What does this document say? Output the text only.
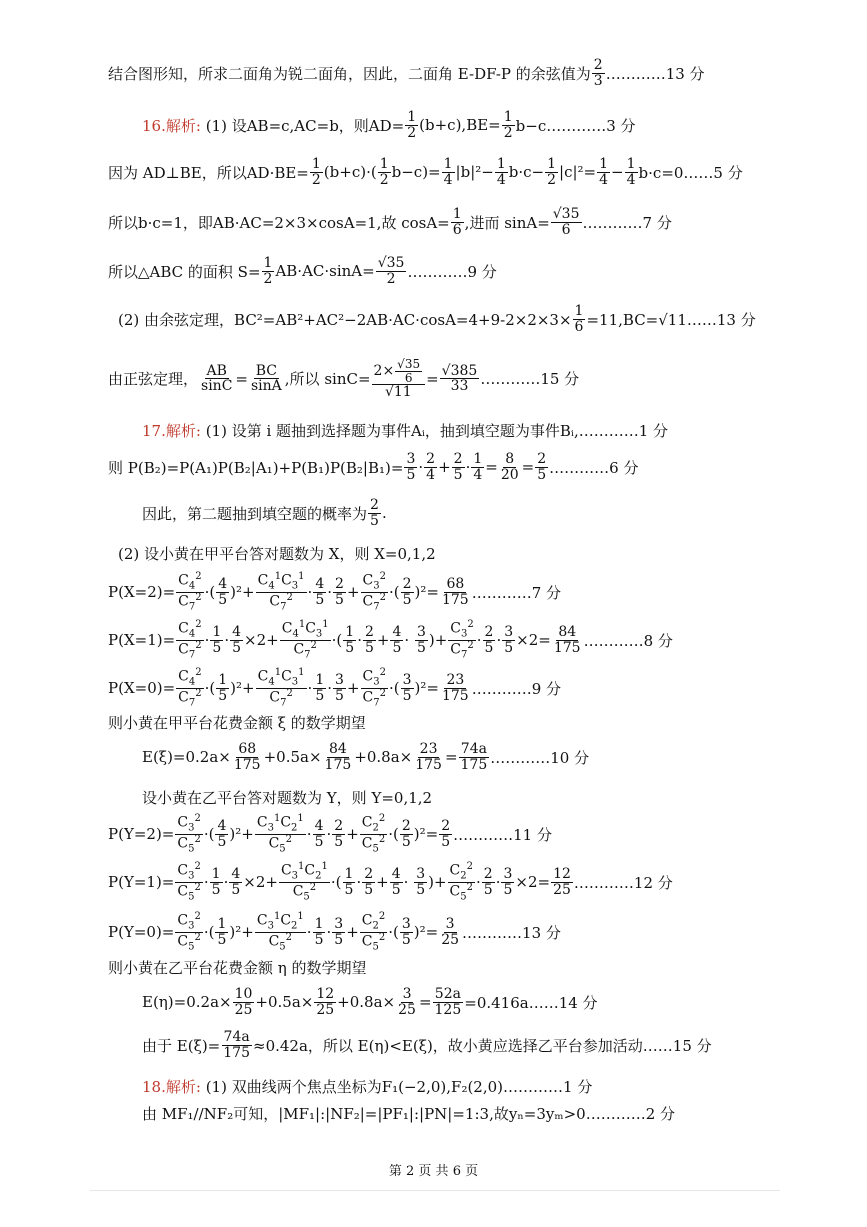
结合图形知，所求二面角为锐二面角，因此，二面角 E-DF-P 的余弦值为 $\frac{2}{3}$ …………13 分
16.解析:
(1) 设AB=c,AC=b，则$AD= \frac{1}{2} (b+c),BE= \frac{1}{2}$ b−c…………3 分
因为 AD⊥BE，所以$AD\cdot BE= \frac{1}{2} (b+c)\cdot( \frac{1}{2} b-c)= \frac{1}{4} |b|^2- \frac{1}{4} b\cdot c- \frac{1}{2} |c|^2= \frac{1}{4} - \frac{1}{4}$ b·c=0……5 分
所以b·c=1，即AB·AC=2×3×cosA=1,故 $\cos A= \frac{1}{6}$ ,进而 $\sin A= \frac{√35}{6}$ …………7 分
所以△ABC 的面积 $S= \frac{1}{2} AB\cdot AC\cdot\sin A= \frac{√35}{2}$ …………9 分
(2) 由余弦定理，$BC^2=AB^2+AC^2-2AB\cdot AC\cdot\cos A=4+9-2\times 2\times 3\times \frac{1}{6}$ =11,BC=√11……13 分
由正弦定理， $\frac{AB}{\sin C} = \frac{BC}{\sin A}$ ,所以 $\sin C= \frac{2\times \frac{√35}{6}}{√11} = \frac{√385}{33}$ …………15 分
17.解析:
(1) 设第 i 题抽到选择题为事件Aᵢ，抽到填空题为事件Bᵢ,…………1 分
则 $P(B_2)=P(A_1)P(B_2|A_1)+P(B_1)P(B_2|B_1)= \frac{3}{5} \cdot \frac{2}{4} + \frac{2}{5} \cdot \frac{1}{4} = \frac{8}{20} = \frac{2}{5}$ …………6 分
因此，第二题抽到填空题的概率为 $\frac{2}{5}$ .
(2) 设小黄在甲平台答对题数为 X，则 X=0,1,2
$P(X=2)= \frac{C_4^2}{C_7^2}$ ·( $\frac{4}{5} )^2+ \frac{C_4^1C_3^1}{C_7^2} \cdot \frac{4}{5} \cdot \frac{2}{5} + \frac{C_3^2}{C_7^2}$ ·( $\frac{2}{5} )^2= \frac{68}{175}$ …………7 分
$P(X=1)= \frac{C_4^2}{C_7^2} \cdot \frac{1}{5} \cdot \frac{4}{5} \times 2+ \frac{C_4^1C_3^1}{C_7^2}$ ·( $\frac{1}{5} \cdot \frac{2}{5} + \frac{4}{5} \cdot \frac{3}{5}$ )+ $\frac{C_3^2}{C_7^2} \cdot \frac{2}{5} \cdot \frac{3}{5} \times 2= \frac{84}{175}$ …………8 分
$P(X=0)= \frac{C_4^2}{C_7^2}$ ·( $\frac{1}{5} )^2+ \frac{C_4^1C_3^1}{C_7^2} \cdot \frac{1}{5} \cdot \frac{3}{5} + \frac{C_3^2}{C_7^2}$ ·( $\frac{3}{5} )^2= \frac{23}{175}$ …………9 分
则小黄在甲平台花费金额 ξ 的数学期望
$E(\xi)=0.2a\times \frac{68}{175} +0.5a\times \frac{84}{175} +0.8a\times \frac{23}{175} = \frac{74a}{175}$ …………10 分
设小黄在乙平台答对题数为 Y，则 Y=0,1,2
$P(Y=2)= \frac{C_3^2}{C_5^2}$ ·( $\frac{4}{5} )^2+ \frac{C_3^1C_2^1}{C_5^2} \cdot \frac{4}{5} \cdot \frac{2}{5} + \frac{C_2^2}{C_5^2}$ ·( $\frac{2}{5} )^2= \frac{2}{5}$ …………11 分
$P(Y=1)= \frac{C_3^2}{C_5^2} \cdot \frac{1}{5} \cdot \frac{4}{5} \times 2+ \frac{C_3^1C_2^1}{C_5^2}$ ·( $\frac{1}{5} \cdot \frac{2}{5} + \frac{4}{5} \cdot \frac{3}{5}$ )+ $\frac{C_2^2}{C_5^2} \cdot \frac{2}{5} \cdot \frac{3}{5} \times 2= \frac{12}{25}$ …………12 分
$P(Y=0)= \frac{C_3^2}{C_5^2}$ ·( $\frac{1}{5} )^2+ \frac{C_3^1C_2^1}{C_5^2} \cdot \frac{1}{5} \cdot \frac{3}{5} + \frac{C_2^2}{C_5^2}$ ·( $\frac{3}{5} )^2= \frac{3}{25}$ …………13 分
则小黄在乙平台花费金额 η 的数学期望
$E(\eta)=0.2a\times \frac{10}{25} +0.5a\times \frac{12}{25} +0.8a\times \frac{3}{25} = \frac{52a}{125}$ =0.416a……14 分
由于 $E(\xi)= \frac{74a}{175} \approx 0.42a$，所以 E(η)<E(ξ)，故小黄应选择乙平台参加活动……15 分
18.解析:
(1) 双曲线两个焦点坐标为F₁(−2,0),F₂(2,0)…………1 分
由 MF₁//NF₂可知，|MF₁|:|NF₂|=|PF₁|:|PN|=1:3,故yₙ=3yₘ>0…………2 分
第 2 页 共 6 页
